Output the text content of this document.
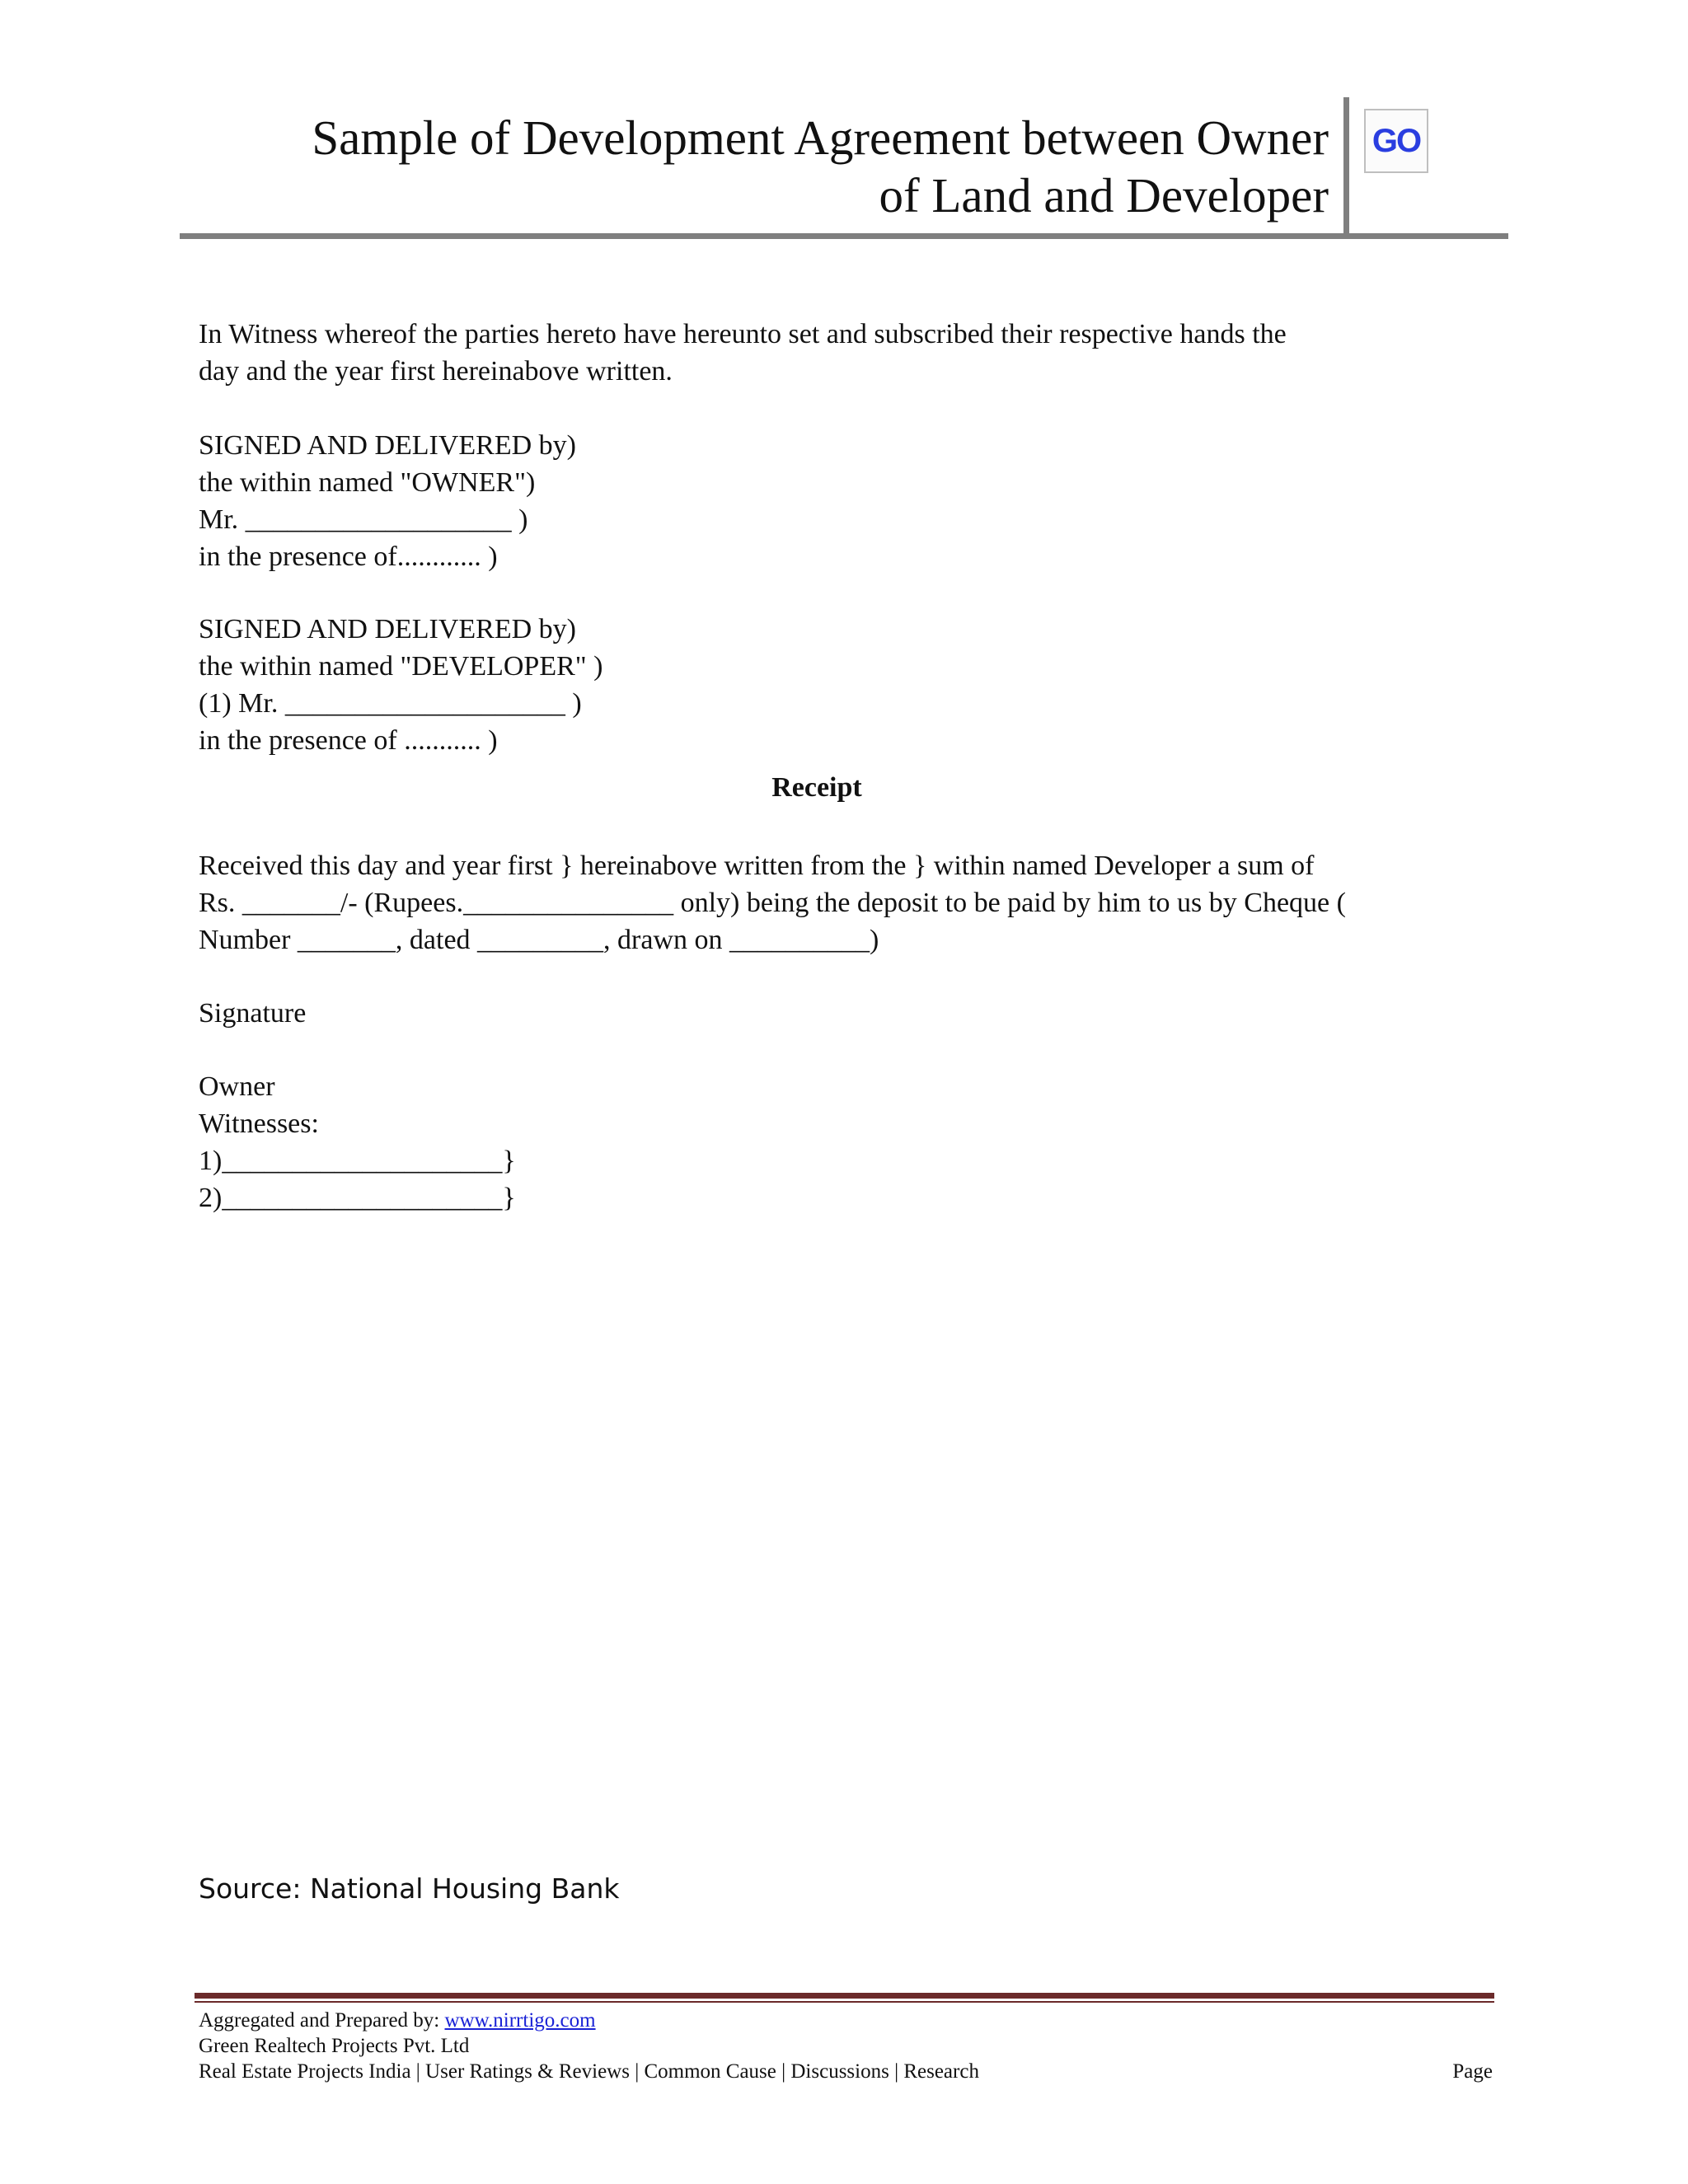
Sample of Development Agreement between Owner
of Land and Developer
GO
In Witness whereof the parties hereto have hereunto set and subscribed their respective hands the
day and the year first hereinabove written.
SIGNED AND DELIVERED by)
the within named "OWNER")
Mr. ___________________ )
in the presence of............ )
SIGNED AND DELIVERED by)
the within named "DEVELOPER" )
(1) Mr. ____________________ )
in the presence of ........... )
Receipt
Received this day and year first } hereinabove written from the } within named Developer a sum of
Rs. _______/- (Rupees._______________ only) being the deposit to be paid by him to us by Cheque (
Number _______, dated _________, drawn on __________)
Signature
Owner
Witnesses:
1)____________________}
2)____________________}
Source: National Housing Bank
Aggregated and Prepared by: www.nirrtigo.com
Green Realtech Projects Pvt. Ltd
Real Estate Projects India | User Ratings & Reviews | Common Cause | Discussions | Research	Page
